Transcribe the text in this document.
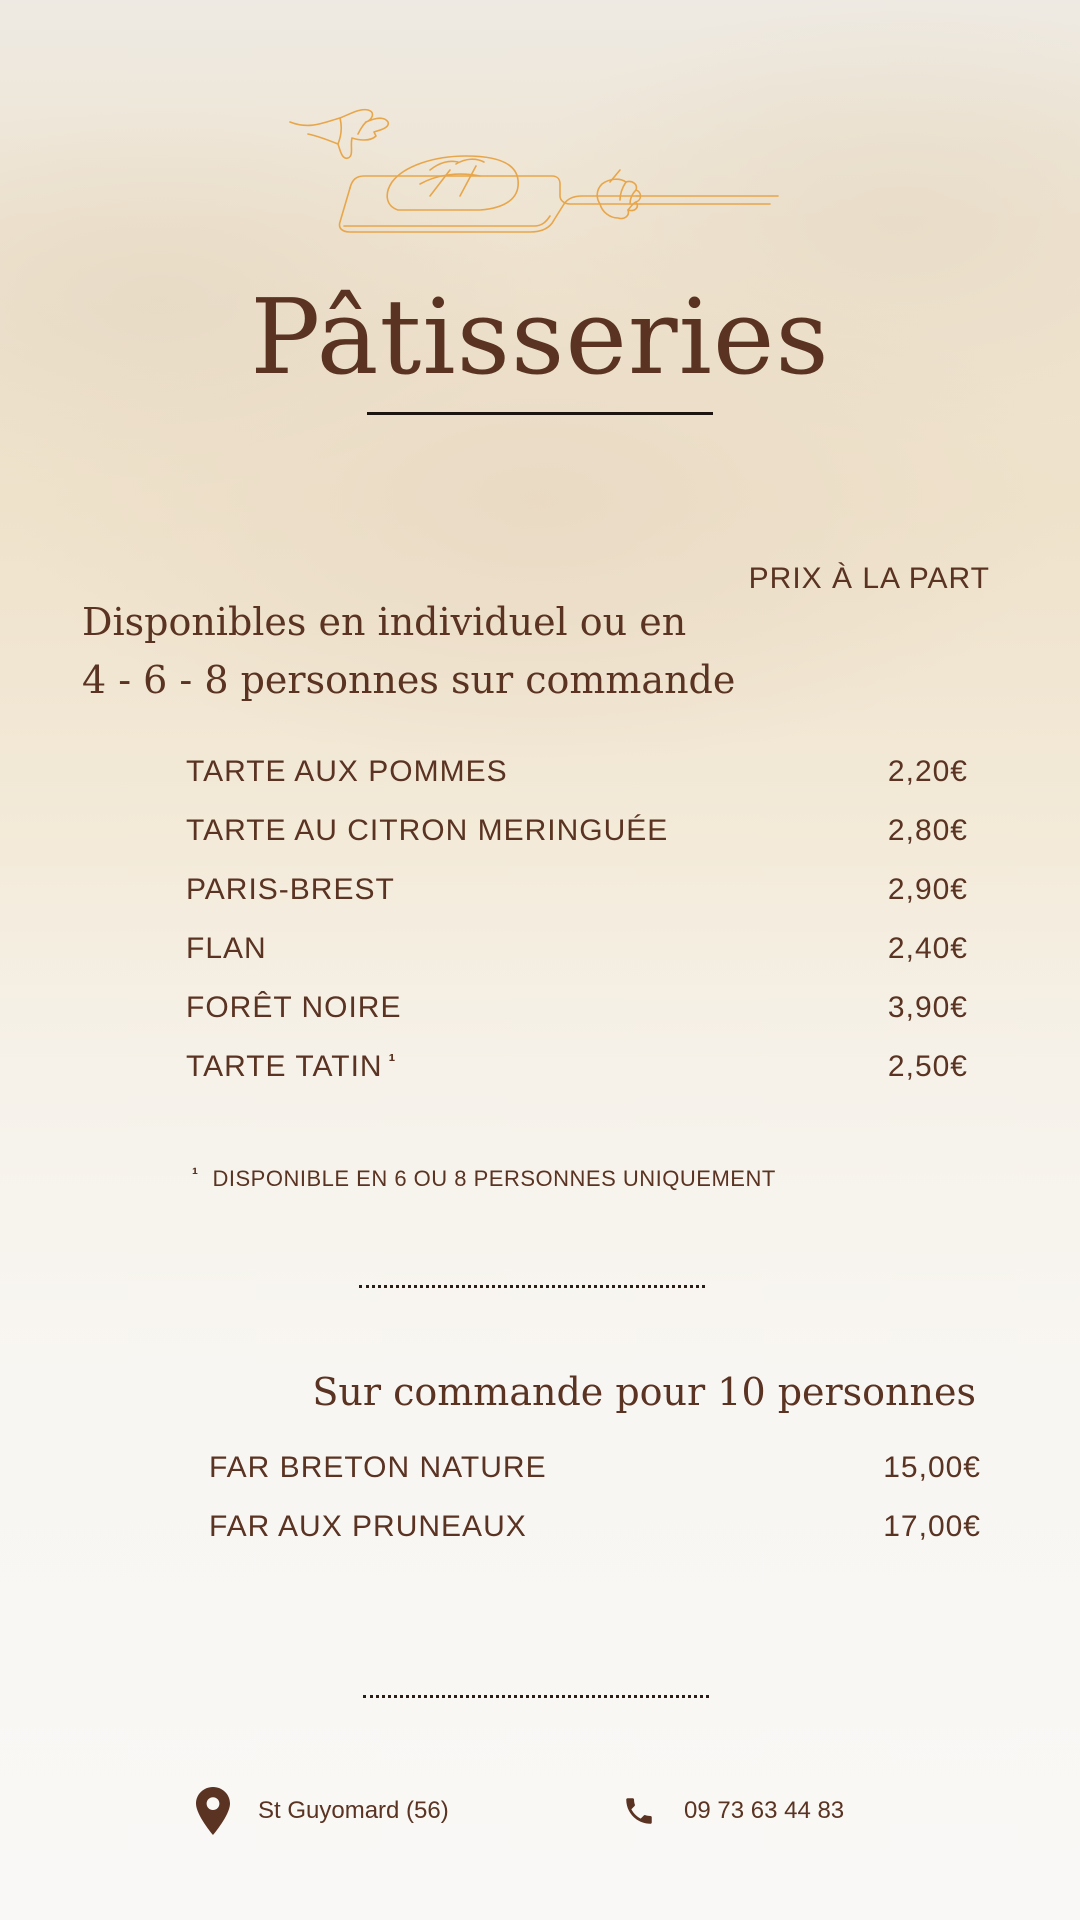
Pâtisseries
PRIX À LA PART
Disponibles en individuel ou en
4 - 6 - 8 personnes sur commande
TARTE AUX POMMES	2,20€
TARTE AU CITRON MERINGUÉE	2,80€
PARIS-BREST	2,90€
FLAN	2,40€
FORÊT NOIRE	3,90€
TARTE TATIN $^{^1}$	2,50€
$^{^1}$ DISPONIBLE EN 6 OU 8 PERSONNES UNIQUEMENT
Sur commande pour 10 personnes
FAR BRETON NATURE	15,00€
FAR AUX PRUNEAUX	17,00€
St Guyomard (56)	09 73 63 44 83
